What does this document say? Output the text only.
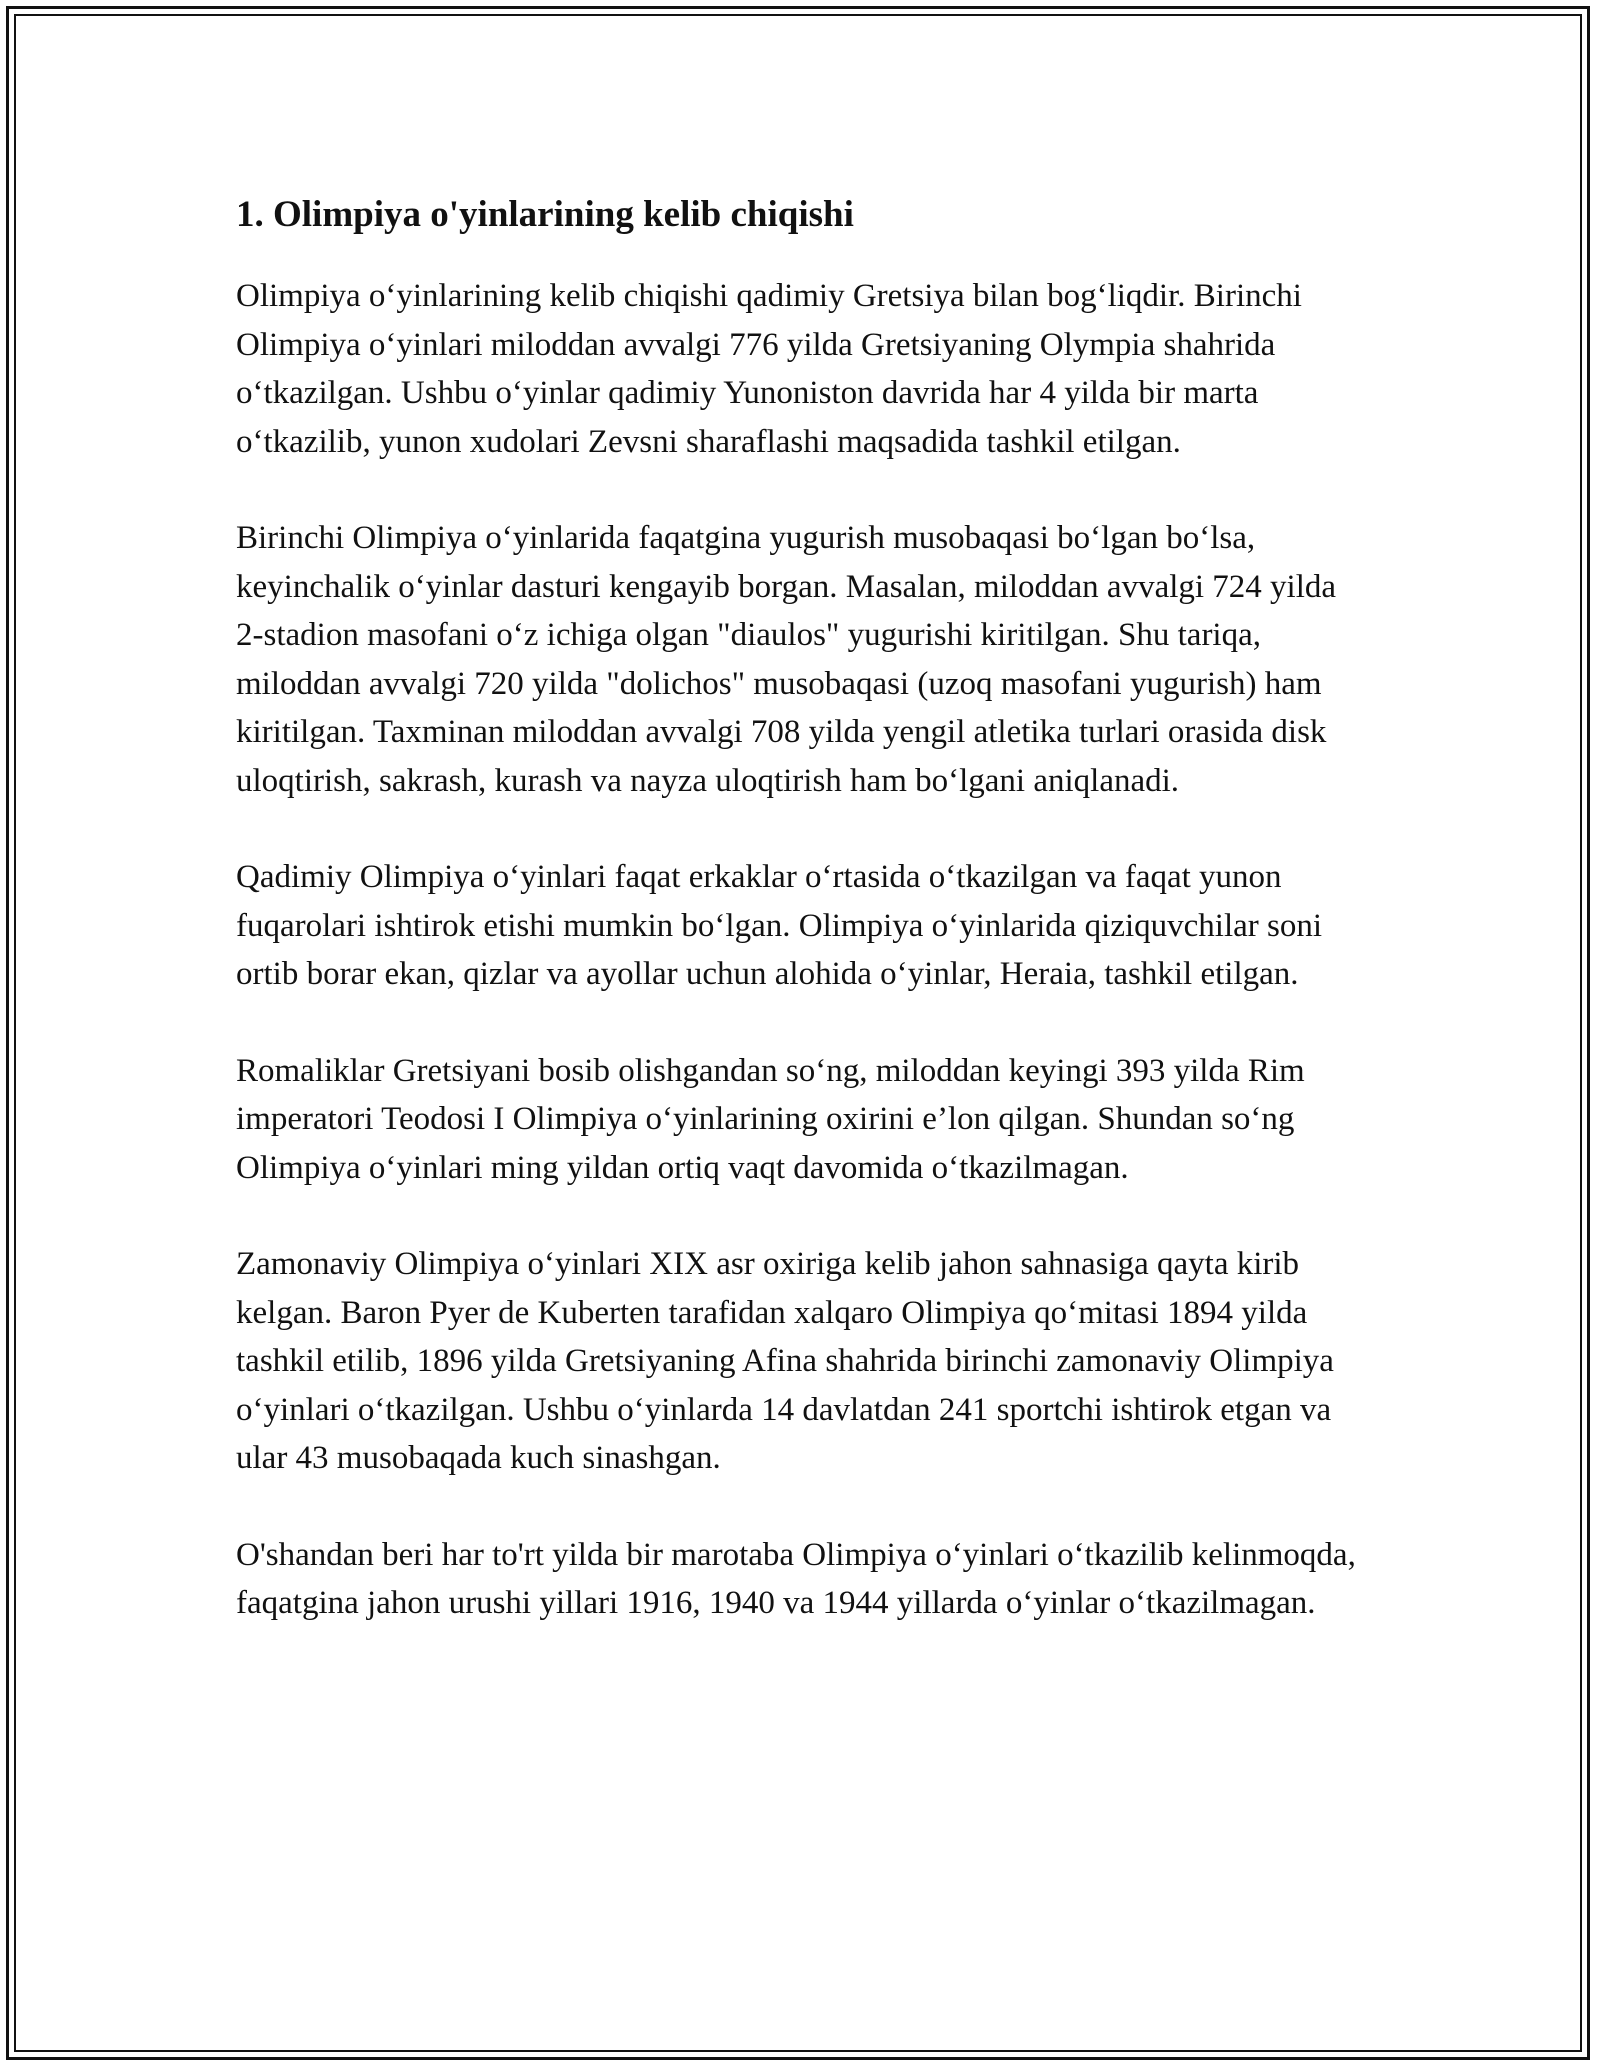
1. Olimpiya o'yinlarining kelib chiqishi

Olimpiya o‘yinlarining kelib chiqishi qadimiy Gretsiya bilan bog‘liqdir. Birinchi Olimpiya o‘yinlari miloddan avvalgi 776 yilda Gretsiyaning Olympia shahrida o‘tkazilgan. Ushbu o‘yinlar qadimiy Yunoniston davrida har 4 yilda bir marta o‘tkazilib, yunon xudolari Zevsni sharaflashi maqsadida tashkil etilgan.

Birinchi Olimpiya o‘yinlarida faqatgina yugurish musobaqasi bo‘lgan bo‘lsa, keyinchalik o‘yinlar dasturi kengayib borgan. Masalan, miloddan avvalgi 724 yilda 2-stadion masofani o‘z ichiga olgan "diaulos" yugurishi kiritilgan. Shu tariqa, miloddan avvalgi 720 yilda "dolichos" musobaqasi (uzoq masofani yugurish) ham kiritilgan. Taxminan miloddan avvalgi 708 yilda yengil atletika turlari orasida disk uloqtirish, sakrash, kurash va nayza uloqtirish ham bo‘lgani aniqlanadi.

Qadimiy Olimpiya o‘yinlari faqat erkaklar o‘rtasida o‘tkazilgan va faqat yunon fuqarolari ishtirok etishi mumkin bo‘lgan. Olimpiya o‘yinlarida qiziquvchilar soni ortib borar ekan, qizlar va ayollar uchun alohida o‘yinlar, Heraia, tashkil etilgan.

Romaliklar Gretsiyani bosib olishgandan so‘ng, miloddan keyingi 393 yilda Rim imperatori Teodosi I Olimpiya o‘yinlarining oxirini e’lon qilgan. Shundan so‘ng Olimpiya o‘yinlari ming yildan ortiq vaqt davomida o‘tkazilmagan.

Zamonaviy Olimpiya o‘yinlari XIX asr oxiriga kelib jahon sahnasiga qayta kirib kelgan. Baron Pyer de Kuberten tarafidan xalqaro Olimpiya qo‘mitasi 1894 yilda tashkil etilib, 1896 yilda Gretsiyaning Afina shahrida birinchi zamonaviy Olimpiya o‘yinlari o‘tkazilgan. Ushbu o‘yinlarda 14 davlatdan 241 sportchi ishtirok etgan va ular 43 musobaqada kuch sinashgan.

O'shandan beri har to'rt yilda bir marotaba Olimpiya o‘yinlari o‘tkazilib kelinmoqda, faqatgina jahon urushi yillari 1916, 1940 va 1944 yillarda o‘yinlar o‘tkazilmagan.
